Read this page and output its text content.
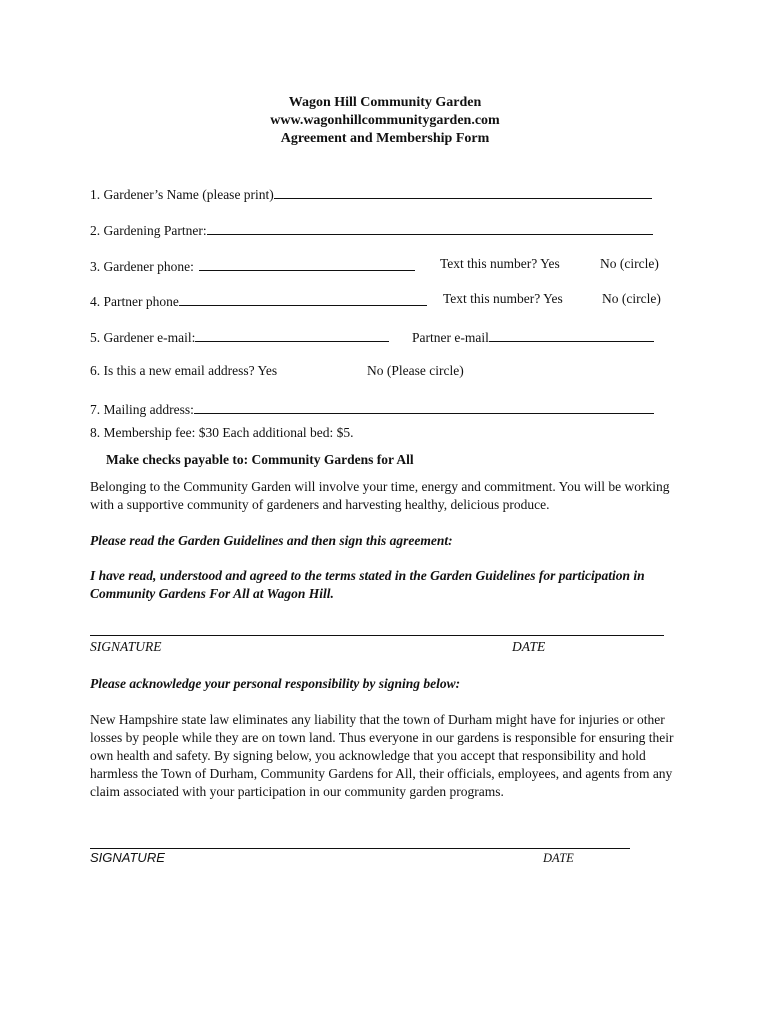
Wagon Hill Community Garden
www.wagonhillcommunitygarden.com
Agreement and Membership Form
1. Gardener’s Name (please print)
2. Gardening Partner:
3. Gardener phone:	Text this number? Yes	No (circle)
4. Partner phone	Text this number? Yes	No (circle)
5. Gardener e-mail:	Partner e-mail
6. Is this a new email address? Yes	No (Please circle)
7. Mailing address:
8. Membership fee: $30 Each additional bed: $5.
Make checks payable to: Community Gardens for All
Belonging to the Community Garden will involve your time, energy and commitment. You will be working with a supportive community of gardeners and harvesting healthy, delicious produce.
Please read the Garden Guidelines and then sign this agreement:
I have read, understood and agreed to the terms stated in the Garden Guidelines for participation in Community Gardens For All at Wagon Hill.
SIGNATURE	DATE
Please acknowledge your personal responsibility by signing below:
New Hampshire state law eliminates any liability that the town of Durham might have for injuries or other losses by people while they are on town land. Thus everyone in our gardens is responsible for ensuring their own health and safety. By signing below, you acknowledge that you accept that responsibility and hold harmless the Town of Durham, Community Gardens for All, their officials, employees, and agents from any claim associated with your participation in our community garden programs.
SIGNATURE	DATE
